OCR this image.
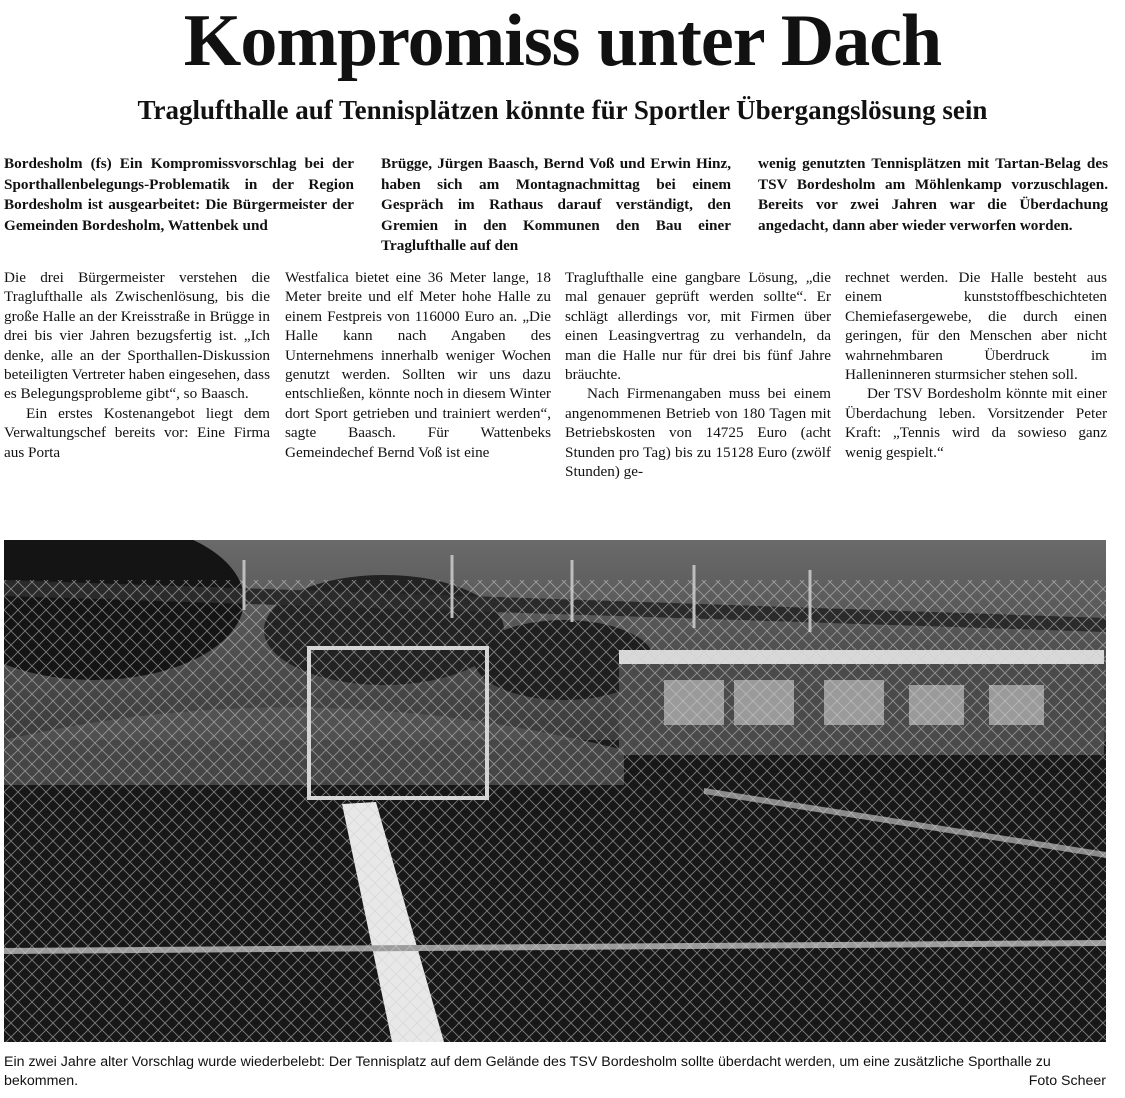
Kompromiss unter Dach
Traglufthalle auf Tennisplätzen könnte für Sportler Übergangslösung sein

Bordesholm (fs) Ein Kompromissvorschlag bei der Sporthallenbelegungs-Problematik in der Region Bordesholm ist ausgearbeitet: Die Bürgermeister der Gemeinden Bordesholm, Wattenbek und

Brügge, Jürgen Baasch, Bernd Voß und Erwin Hinz, haben sich am Montagnachmittag bei einem Gespräch im Rathaus darauf verständigt, den Gremien in den Kommunen den Bau einer Traglufthalle auf den

wenig genutzten Tennisplätzen mit Tartan-Belag des TSV Bordesholm am Möhlenkamp vorzuschlagen. Bereits vor zwei Jahren war die Überdachung angedacht, dann aber wieder verworfen worden.

Die drei Bürgermeister verstehen die Traglufthalle als Zwischenlösung, bis die große Halle an der Kreisstraße in Brügge in drei bis vier Jahren bezugsfertig ist. „Ich denke, alle an der Sporthallen-Diskussion beteiligten Vertreter haben eingesehen, dass es Belegungsprobleme gibt“, so Baasch.

Ein erstes Kostenangebot liegt dem Verwaltungschef bereits vor: Eine Firma aus Porta

Westfalica bietet eine 36 Meter lange, 18 Meter breite und elf Meter hohe Halle zu einem Festpreis von 116000 Euro an. „Die Halle kann nach Angaben des Unternehmens innerhalb weniger Wochen genutzt werden. Sollten wir uns dazu entschließen, könnte noch in diesem Winter dort Sport getrieben und trainiert werden“, sagte Baasch. Für Wattenbeks Gemeindechef Bernd Voß ist eine

Traglufthalle eine gangbare Lösung, „die mal genauer geprüft werden sollte“. Er schlägt allerdings vor, mit Firmen über einen Leasingvertrag zu verhandeln, da man die Halle nur für drei bis fünf Jahre bräuchte.

Nach Firmenangaben muss bei einem angenommenen Betrieb von 180 Tagen mit Betriebskosten von 14725 Euro (acht Stunden pro Tag) bis zu 15128 Euro (zwölf Stunden) ge-

rechnet werden. Die Halle besteht aus einem kunststoffbeschichteten Chemiefasergewebe, die durch einen geringen, für den Menschen aber nicht wahrnehmbaren Überdruck im Halleninneren sturmsicher stehen soll.

Der TSV Bordesholm könnte mit einer Überdachung leben. Vorsitzender Peter Kraft: „Tennis wird da sowieso ganz wenig gespielt.“

Ein zwei Jahre alter Vorschlag wurde wiederbelebt: Der Tennisplatz auf dem Gelände des TSV Bordesholm sollte überdacht werden, um eine zusätzliche Sporthalle zu bekommen.	Foto Scheer
